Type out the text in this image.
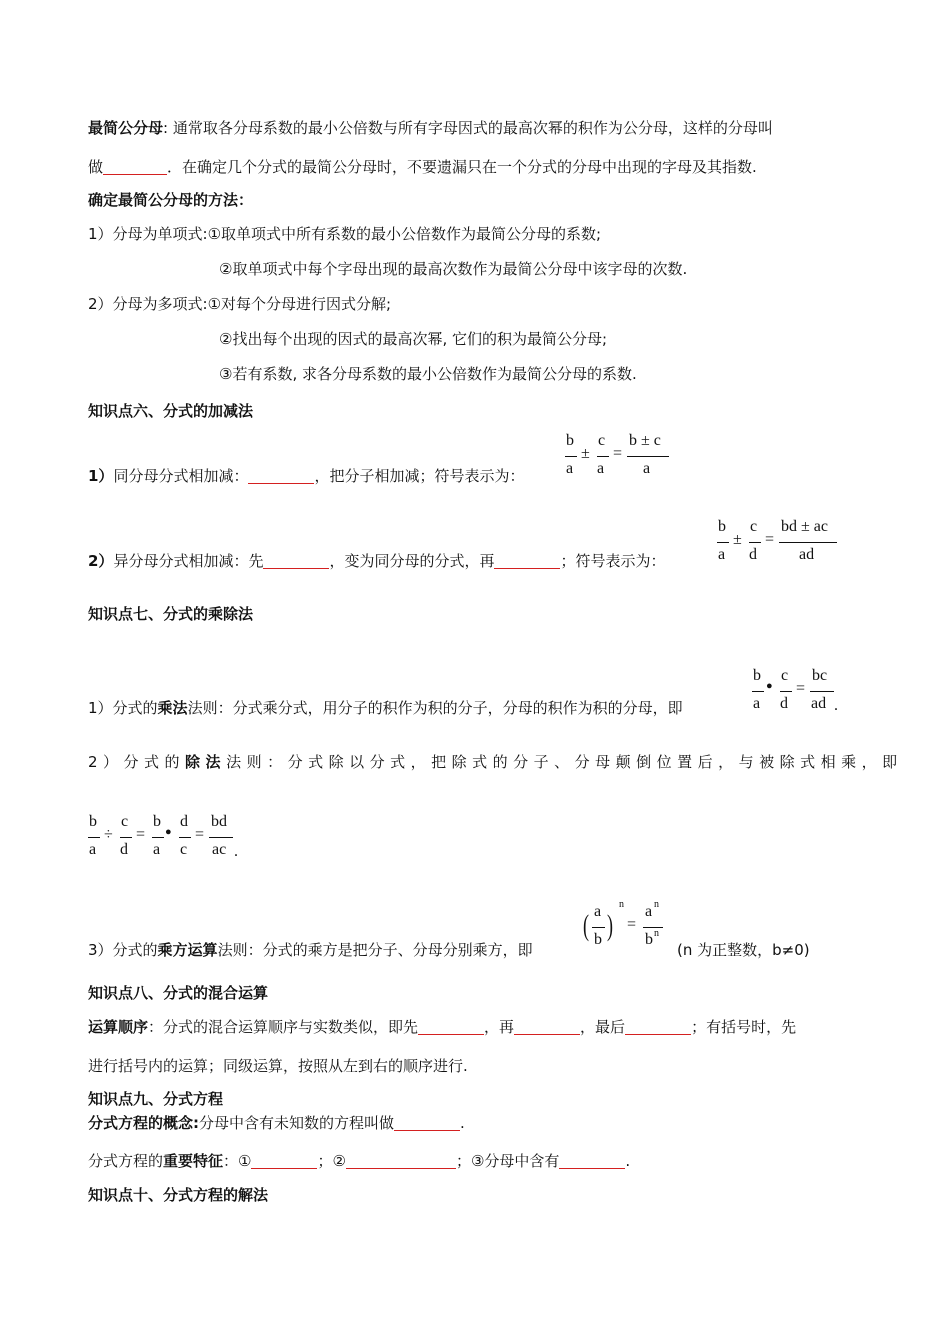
最简公分母: 通常取各分母系数的最小公倍数与所有字母因式的最高次幂的积作为公分母，这样的分母叫
做	．在确定几个分式的最简公分母时，不要遗漏只在一个分式的分母中出现的字母及其指数.
确定最简公分母的方法：
1）分母为单项式:①取单项式中所有系数的最小公倍数作为最简公分母的系数;
②取单项式中每个字母出现的最高次数作为最简公分母中该字母的次数.
2）分母为多项式:①对每个分母进行因式分解;
②找出每个出现的因式的最高次幂, 它们的积为最简公分母;
③若有系数, 求各分母系数的最小公倍数作为最简公分母的系数.
知识点六、分式的加减法
1）同分母分式相加减：	，把分子相加减；符号表示为：
b
a
±
c
a
=
b ± c
a
2）异分母分式相加减：先	，变为同分母的分式，再	；符号表示为：
b
a
±
c
d
=
bd ± ac
ad
知识点七、分式的乘除法
1）分式的乘法法则：分式乘分式，用分子的积作为积的分子，分母的积作为积的分母，即
b
a
●
c
d
=
bc
ad .
2）分式的除法法则：分式除以分式，把除式的分子、分母颠倒位置后，与被除式相乘，即
b
a
÷
c
d
=
b
a
●
d
c
=
bd
ac .
3）分式的乘方运算法则：分式的乘方是把分子、分母分别乘方，即
( a
b )
n
=
a n
b n
(n 为正整数，b≠0)
知识点八、分式的混合运算
运算顺序：分式的混合运算顺序与实数类似，即先	，再	，最后	；有括号时，先
进行括号内的运算；同级运算，按照从左到右的顺序进行.
知识点九、分式方程
分式方程的概念:分母中含有未知数的方程叫做	.
分式方程的重要特征：①	；②	；③分母中含有	.
知识点十、分式方程的解法
